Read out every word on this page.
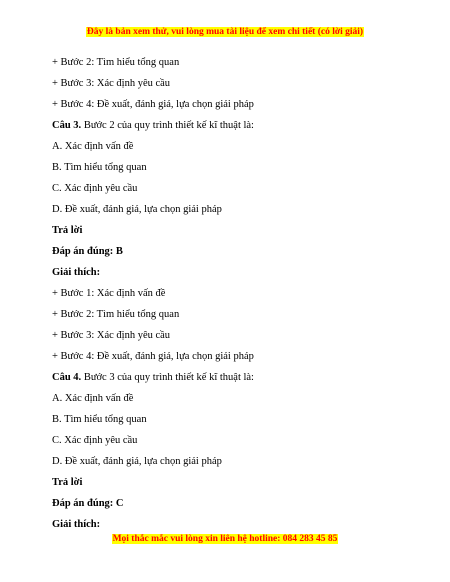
Đây là bản xem thử, vui lòng mua tài liệu để xem chi tiết (có lời giải)
+ Bước 2: Tìm hiểu tổng quan
+ Bước 3: Xác định yêu cầu
+ Bước 4: Đề xuất, đánh giá, lựa chọn giải pháp
Câu 3. Bước 2 của quy trình thiết kế kĩ thuật là:
A. Xác định vấn đề
B. Tìm hiểu tổng quan
C. Xác định yêu cầu
D. Đề xuất, đánh giá, lựa chọn giải pháp
Trả lời
Đáp án đúng: B
Giải thích:
+ Bước 1: Xác định vấn đề
+ Bước 2: Tìm hiểu tổng quan
+ Bước 3: Xác định yêu cầu
+ Bước 4: Đề xuất, đánh giá, lựa chọn giải pháp
Câu 4. Bước 3 của quy trình thiết kế kĩ thuật là:
A. Xác định vấn đề
B. Tìm hiểu tổng quan
C. Xác định yêu cầu
D. Đề xuất, đánh giá, lựa chọn giải pháp
Trả lời
Đáp án đúng: C
Giải thích:
Mọi thắc mắc vui lòng xin liên hệ hotline: 084 283 45 85
